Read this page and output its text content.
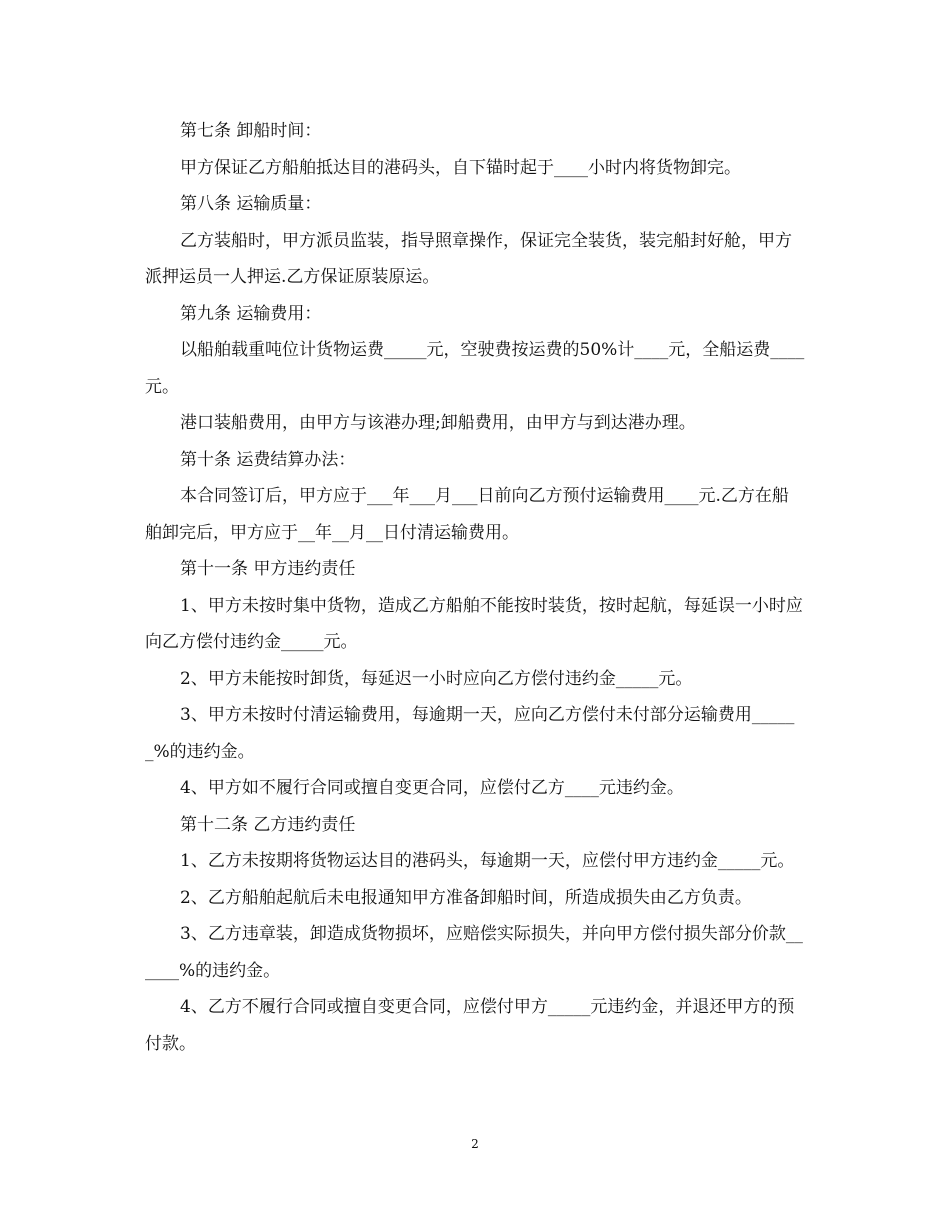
第七条 卸船时间：

甲方保证乙方船舶抵达目的港码头，自下锚时起于____小时内将货物卸完。

第八条 运输质量：

乙方装船时，甲方派员监装，指导照章操作，保证完全装货，装完船封好舱，甲方派押运员一人押运.乙方保证原装原运。

第九条 运输费用：

以船舶载重吨位计货物运费_____元，空驶费按运费的50%计____元，全船运费____元。

港口装船费用，由甲方与该港办理;卸船费用，由甲方与到达港办理。

第十条 运费结算办法：

本合同签订后，甲方应于___年___月___日前向乙方预付运输费用____元.乙方在船舶卸完后，甲方应于__年__月__日付清运输费用。

第十一条 甲方违约责任

1、甲方未按时集中货物，造成乙方船舶不能按时装货，按时起航，每延误一小时应向乙方偿付违约金_____元。

2、甲方未能按时卸货，每延迟一小时应向乙方偿付违约金_____元。

3、甲方未按时付清运输费用，每逾期一天，应向乙方偿付未付部分运输费用______%的违约金。

4、甲方如不履行合同或擅自变更合同，应偿付乙方____元违约金。

第十二条 乙方违约责任

1、乙方未按期将货物运达目的港码头，每逾期一天，应偿付甲方违约金_____元。

2、乙方船舶起航后未电报通知甲方准备卸船时间，所造成损失由乙方负责。

3、乙方违章装，卸造成货物损坏，应赔偿实际损失，并向甲方偿付损失部分价款______%的违约金。

4、乙方不履行合同或擅自变更合同，应偿付甲方_____元违约金，并退还甲方的预付款。

2
